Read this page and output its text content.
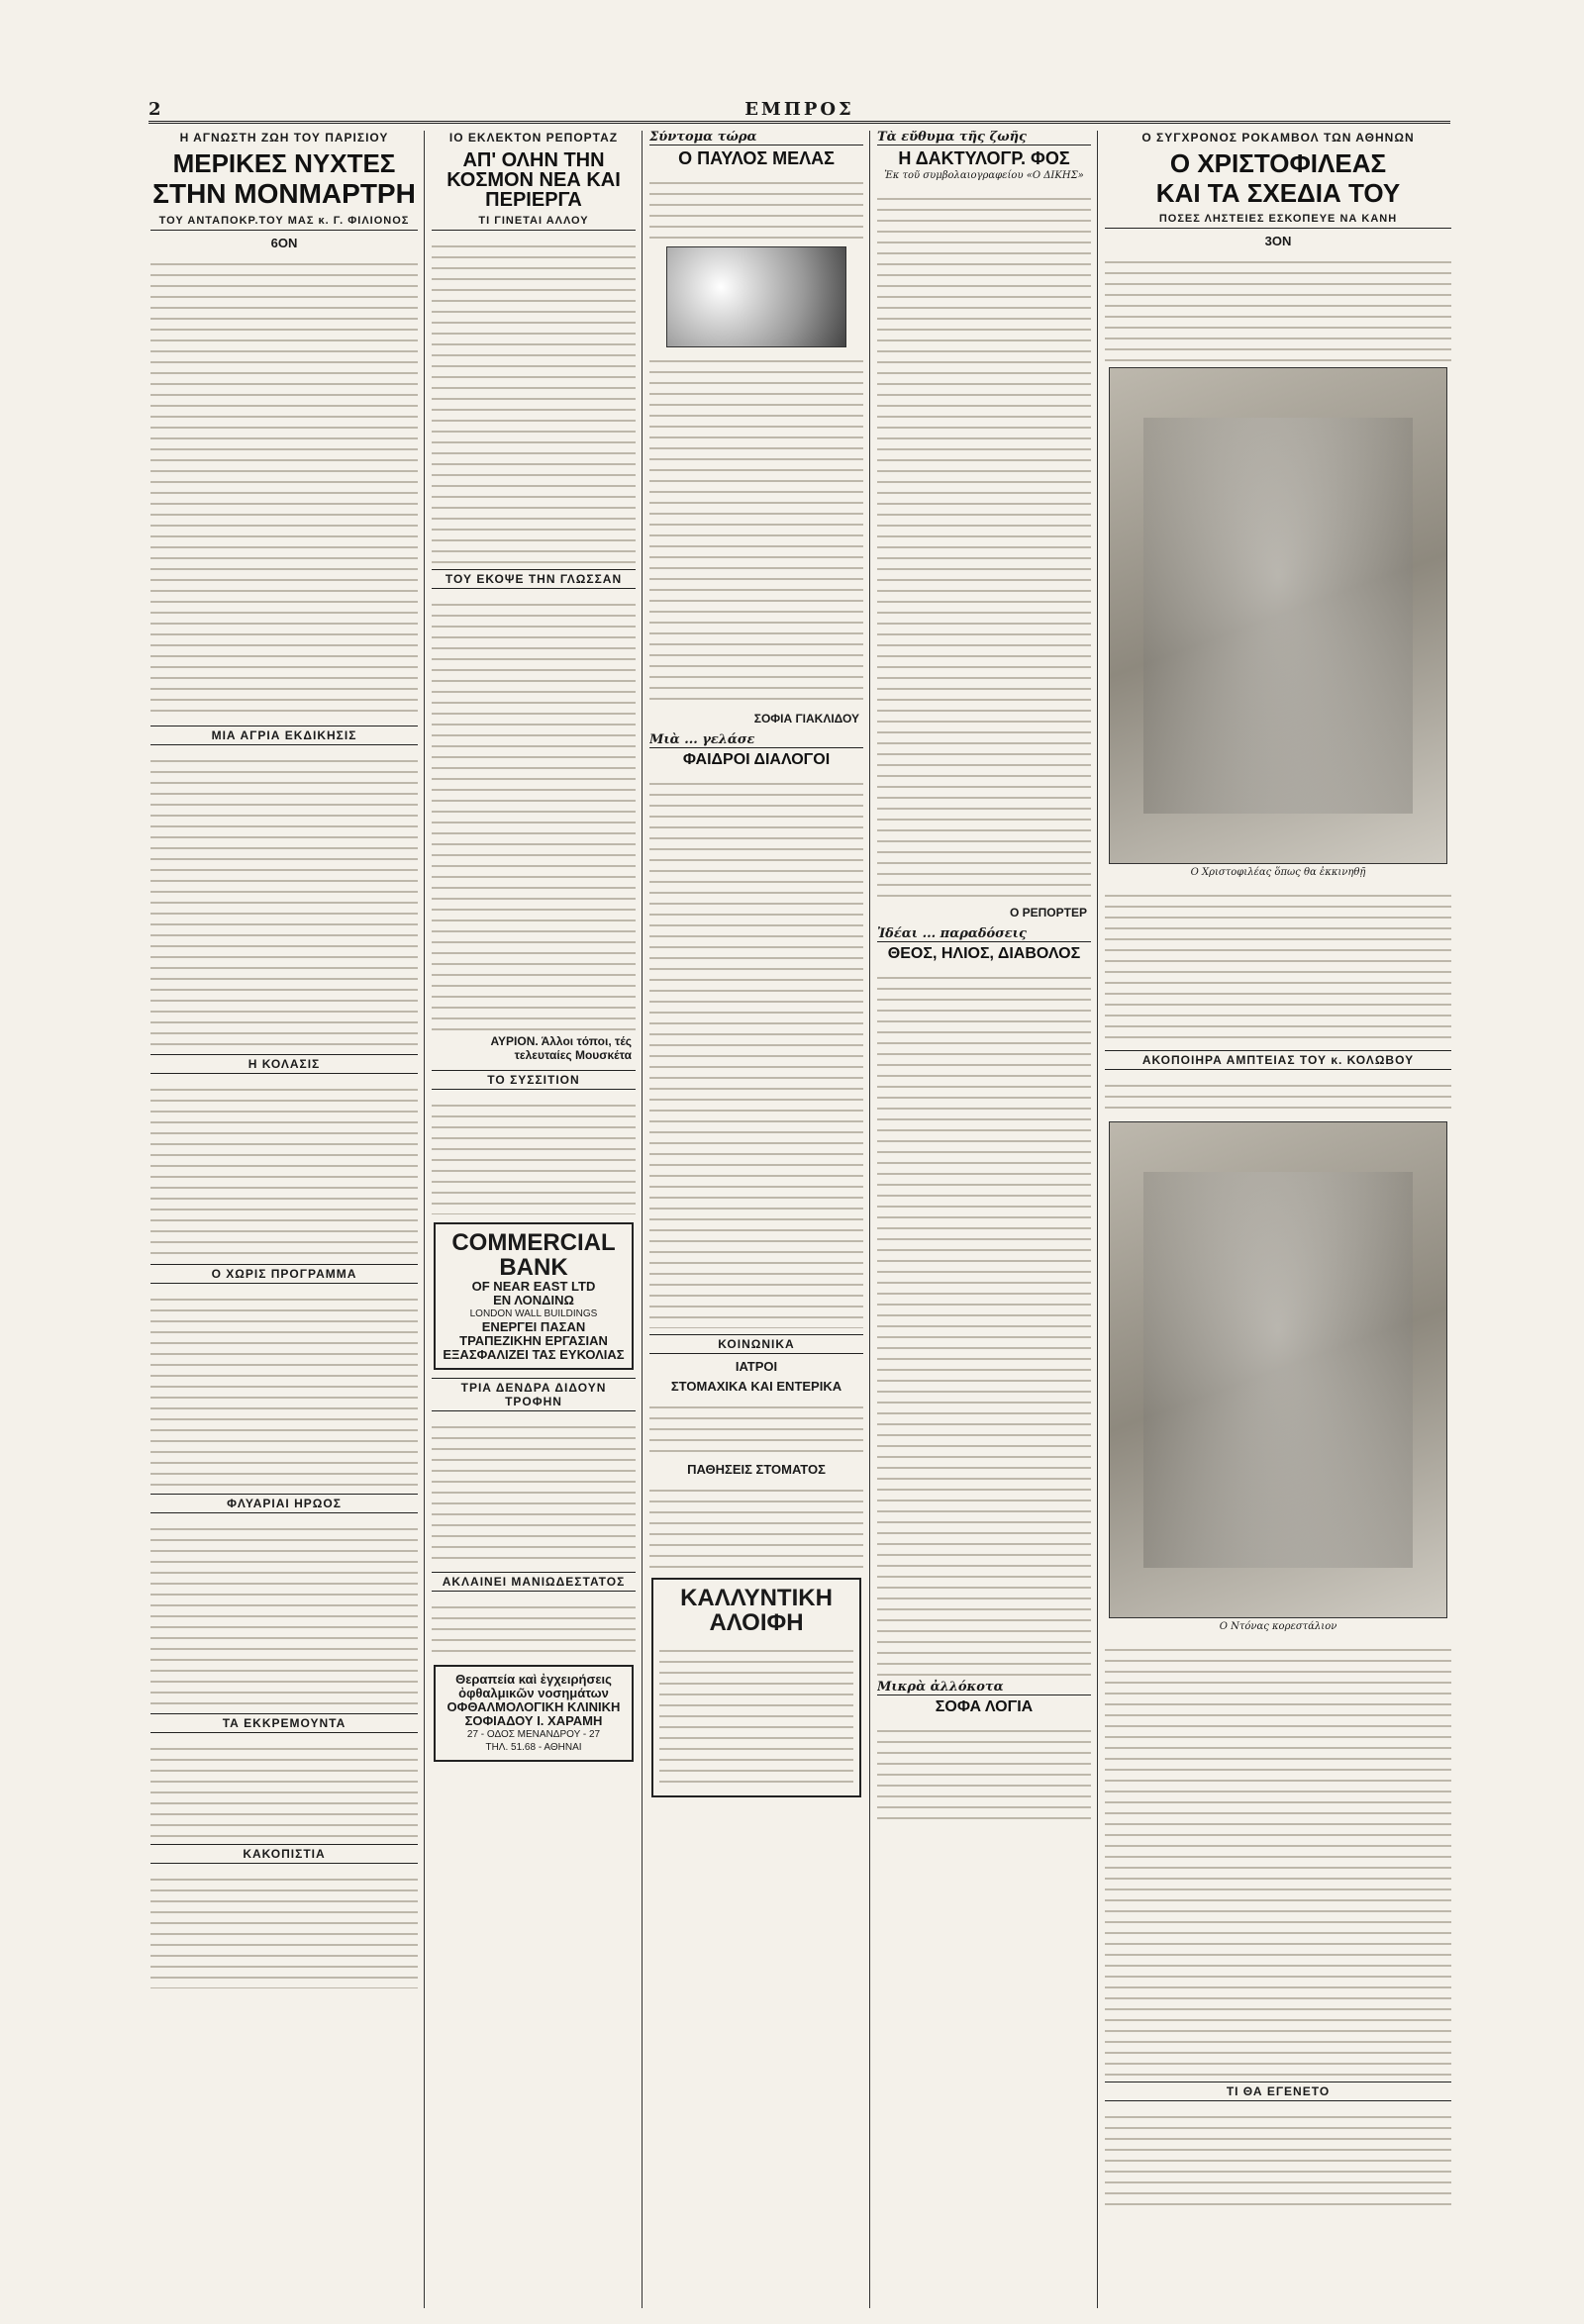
2	ΕΜΠΡΟΣ
Η ΑΓΝΩΣΤΗ ΖΩΗ ΤΟΥ ΠΑΡΙΣΙΟΥ
ΜΕΡΙΚΕΣ ΝΥΧΤΕΣ
ΣΤΗΝ ΜΟΝΜΑΡΤΡΗ
ΤΟΥ ΑΝΤΑΠΟΚΡ.ΤΟΥ ΜΑΣ κ. Γ. ΦΙΛΙΟΝΟΣ
6ΟΝ
ΜΙΑ ΑΓΡΙΑ ΕΚΔΙΚΗΣΙΣ
Η ΚΟΛΑΣΙΣ
Ο ΧΩΡΙΣ ΠΡΟΓΡΑΜΜΑ
ΦΛΥΑΡΙΑΙ ΗΡΩΟΣ
ΤΑ ΕΚΚΡΕΜΟΥΝΤΑ
ΚΑΚΟΠΙΣΤΙΑ
ΙΟ ΕΚΛΕΚΤΟΝ ΡΕΠΟΡΤΑΖ
ΑΠ' ΟΛΗΝ ΤΗΝ ΚΟΣΜΟΝ ΝΕΑ ΚΑΙ ΠΕΡΙΕΡΓΑ
ΤΙ ΓΙΝΕΤΑΙ ΑΛΛΟΥ
ΤΟΥ ΕΚΟΨΕ ΤΗΝ ΓΛΩΣΣΑΝ
ΑΥΡΙΟΝ. Άλλοι τόποι, τές τελευταίες Μουσκέτα
ΤΟ ΣΥΣΣΙΤΙΟΝ
COMMERCIAL BANK
OF NEAR EAST LTD
ΕΝ ΛΟΝΔΙΝΩ
LONDON WALL BUILDINGS
ΕΝΕΡΓΕΙ ΠΑΣΑΝ ΤΡΑΠΕΖΙΚΗΝ ΕΡΓΑΣΙΑΝ
ΕΞΑΣΦΑΛΙΖΕΙ ΤΑΣ ΕΥΚΟΛΙΑΣ
ΤΡΙΑ ΔΕΝΔΡΑ ΔΙΔΟΥΝ ΤΡΟΦΗΝ
ΑΚΛΑΙΝΕΙ ΜΑΝΙΩΔΕΣΤΑΤΟΣ
Θεραπεία καὶ ἐγχειρήσεις ὀφθαλμικῶν νοσημάτων
ΟΦΘΑΛΜΟΛΟΓΙΚΗ ΚΛΙΝΙΚΗ
ΣΟΦΙΑΔΟΥ Ι. ΧΑΡΑΜΗ
27 - ΟΔΟΣ ΜΕΝΑΝΔΡΟΥ - 27
ΤΗΛ. 51.68 - ΑΘΗΝΑΙ
Σύντομα τώρα
Ο ΠΑΥΛΟΣ ΜΕΛΑΣ
ΣΟΦΙΑ ΓΙΑΚΛΙΔΟΥ
Μιὰ ... γελάσε
ΦΑΙΔΡΟΙ ΔΙΑΛΟΓΟΙ
ΚΟΙΝΩΝΙΚΑ
ΙΑΤΡΟΙ
ΣΤΟΜΑΧΙΚΑ ΚΑΙ ΕΝΤΕΡΙΚΑ
ΠΑΘΗΣΕΙΣ ΣΤΟΜΑΤΟΣ
ΚΑΛΛΥΝΤΙΚΗ ΑΛΟΙΦΗ
Τὰ εὔθυμα τῆς ζωῆς
Η ΔΑΚΤΥΛΟΓΡ. ΦΟΣ
Ἐκ τοῦ συμβολαιογραφείου «Ο ΔΙΚΗΣ»
Ο ΡΕΠΟΡΤΕΡ
Ἰδέαι ... παραδόσεις
ΘΕΟΣ, ΗΛΙΟΣ, ΔΙΑΒΟΛΟΣ
Μικρὰ ἀλλόκοτα
ΣΟΦΑ ΛΟΓΙΑ
Ο ΣΥΓΧΡΟΝΟΣ ΡΟΚΑΜΒΟΛ ΤΩΝ ΑΘΗΝΩΝ
Ο ΧΡΙΣΤΟΦΙΛΕΑΣ
ΚΑΙ ΤΑ ΣΧΕΔΙΑ ΤΟΥ
ΠΟΣΕΣ ΛΗΣΤΕΙΕΣ ΕΣΚΟΠΕΥΕ ΝΑ ΚΑΝΗ
3ΟΝ
Ο Χριστοφιλέας ὅπως θα ἐκκινηθῇ
ΑΚΟΠΟΙΗΡΑ ΑΜΠΤΕΙΑΣ ΤΟΥ κ. ΚΟΛΩΒΟΥ
Ο Ντόνας κορεστάλιον
ΤΙ ΘΑ ΕΓΕΝΕΤΟ
